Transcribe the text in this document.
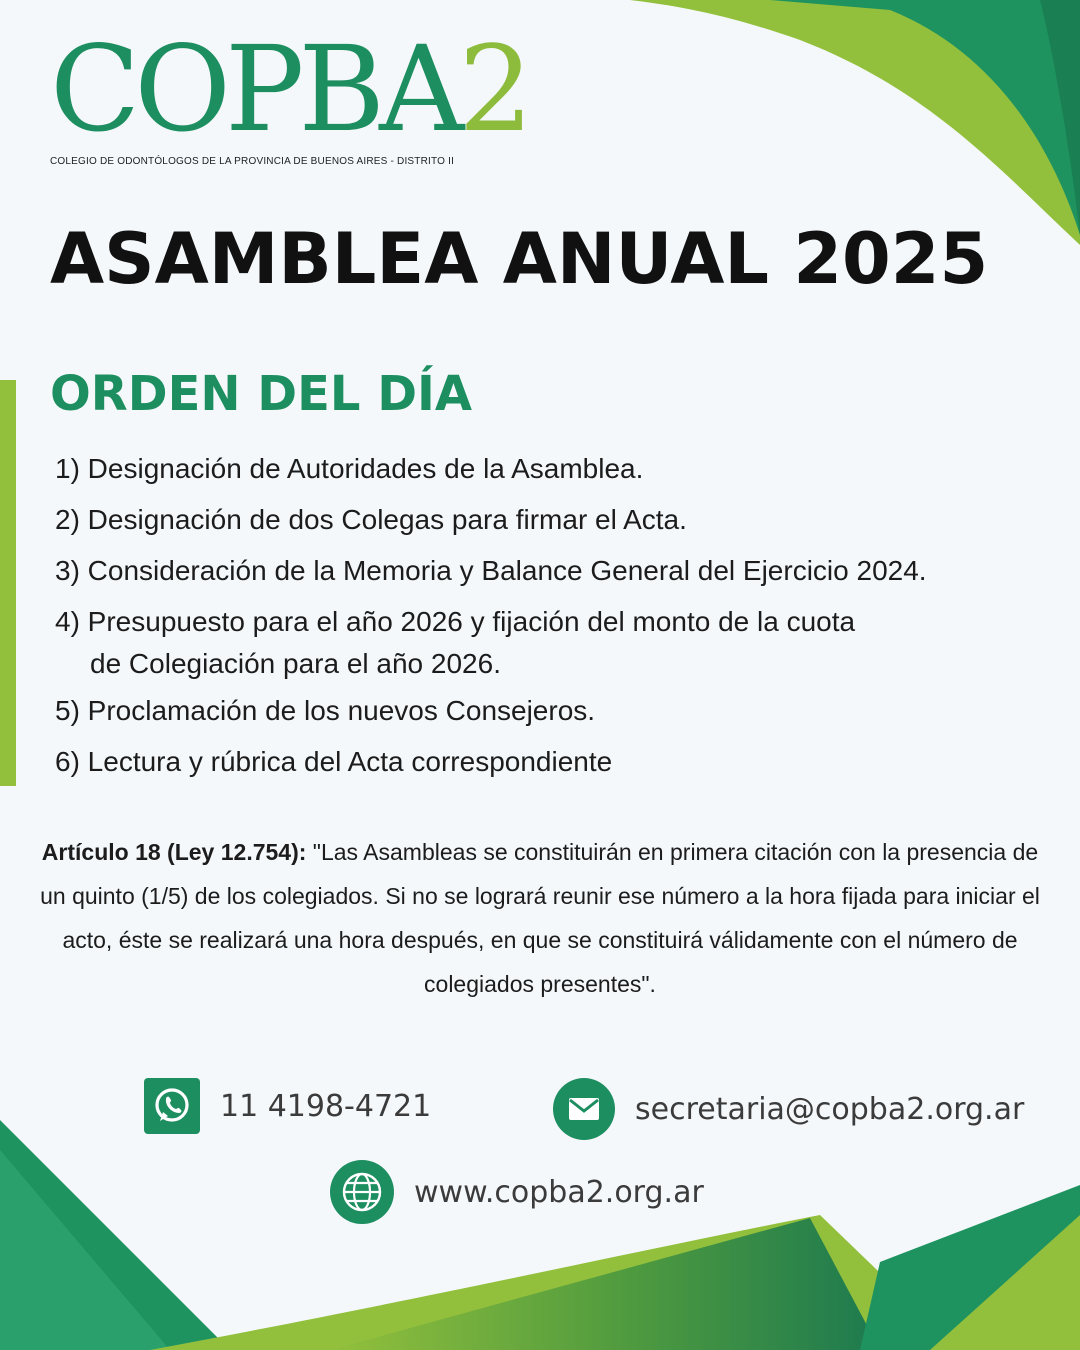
COPBA2
COLEGIO DE ODONTÓLOGOS DE LA PROVINCIA DE BUENOS AIRES - DISTRITO II
ASAMBLEA ANUAL 2025
ORDEN DEL DÍA
1) Designación de Autoridades de la Asamblea.
2) Designación de dos Colegas para firmar el Acta.
3) Consideración de la Memoria y Balance General del Ejercicio 2024.
4) Presupuesto para el año 2026 y fijación del monto de la cuota
de Colegiación para el año 2026.
5) Proclamación de los nuevos Consejeros.
6) Lectura y rúbrica del Acta correspondiente
Artículo 18 (Ley 12.754): "Las Asambleas se constituirán en primera citación con la presencia de un quinto (1/5) de los colegiados. Si no se logrará reunir ese número a la hora fijada para iniciar el acto, éste se realizará una hora después, en que se constituirá válidamente con el número de colegiados presentes".
11 4198-4721	secretaria@copba2.org.ar
www.copba2.org.ar
